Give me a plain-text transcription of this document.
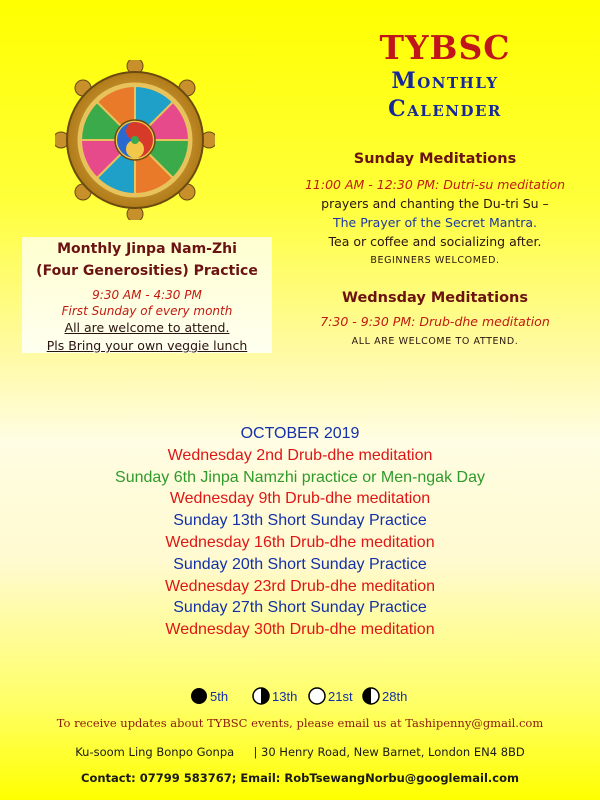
TYBSC
Monthly
Calender
Sunday Meditations
11:00 AM - 12:30 PM: Dutri-su meditation
prayers and chanting the Du-tri Su –
The Prayer of the Secret Mantra.
Tea or coffee and socializing after.
BEGINNERS WELCOMED.
Wednsday Meditations
7:30 - 9:30 PM: Drub-dhe meditation
ALL ARE WELCOME TO ATTEND.
Monthly Jinpa Nam-Zhi
(Four Generosities) Practice
9:30 AM - 4:30 PM
First Sunday of every month
All are welcome to attend.
Pls Bring your own veggie lunch
OCTOBER 2019
Wednesday 2nd Drub-dhe meditation
Sunday 6th Jinpa Namzhi practice or Men-ngak Day
Wednesday 9th Drub-dhe meditation
Sunday 13th Short Sunday Practice
Wednesday 16th Drub-dhe meditation
Sunday 20th Short Sunday Practice
Wednesday 23rd Drub-dhe meditation
Sunday 27th Short Sunday Practice
Wednesday 30th Drub-dhe meditation
5th	13th 21st 28th
To receive updates about TYBSC events, please email us at Tashipenny@gmail.com
Ku-soom Ling Bonpo Gonpa | 30 Henry Road, New Barnet, London EN4 8BD
Contact: 07799 583767; Email: RobTsewangNorbu@googlemail.com
